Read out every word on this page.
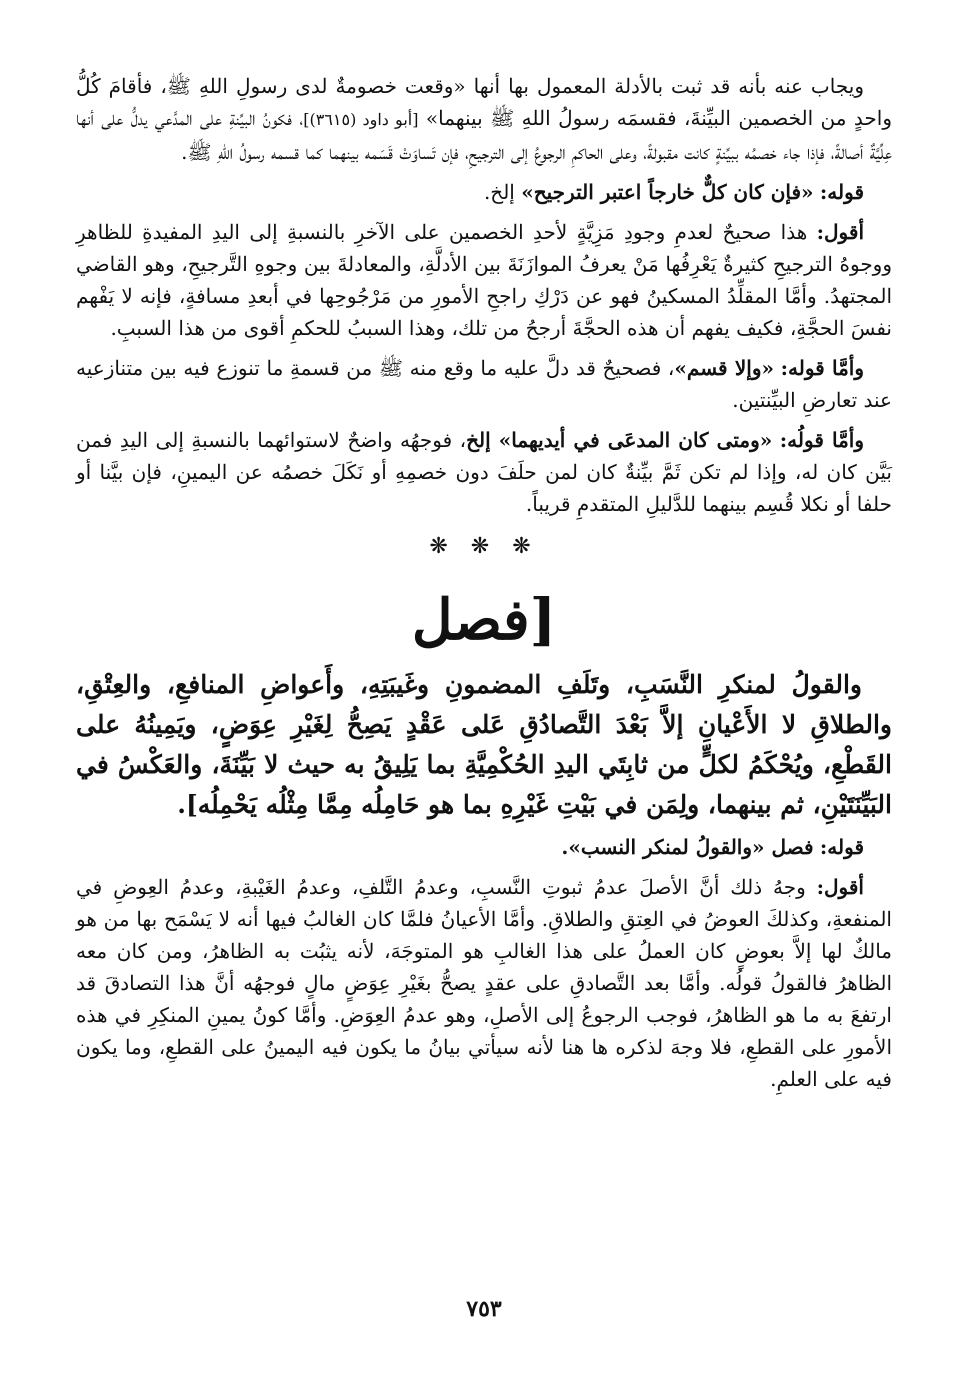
ويجاب عنه بأنه قد ثبت بالأدلة المعمول بها أنها «وقعت خصومةٌ لدى رسولِ اللهِ ﷺ، فأقامَ كُلُّ واحدٍ من الخصمين البيِّنةَ، فقسمَه رسولُ اللهِ ﷺ بينهما» [أبو داود (٣٦١٥)]، فكونُ البيِّنةِ على المدَّعي يدلُّ على أنها عِلِّيَّةٌ أصالةً، فإذا جاء خصمُه ببيِّنةٍ كانت مقبولةً، وعلى الحاكمِ الرجوعُ إلى الترجيحِ، فإن تَساوَتْ قَسَمه بينهما كما قسمه رسولُ اللهِ ﷺ.

قوله: «فإن كان كلٌّ خارجاً اعتبر الترجيح» إلخ.

أقول: هذا صحيحٌ لعدمِ وجودِ مَزِيَّةٍ لأحدِ الخصمين على الآخرِ بالنسبةِ إلى اليدِ المفيدةِ للظاهرِ ووجوهُ الترجيحِ كثيرةٌ يَعْرِفُها مَنْ يعرفُ الموازَنَةَ بين الأدلَّةِ، والمعادلةَ بين وجوهِ التَّرجيحِ، وهو القاضي المجتهدُ. وأمَّا المقلِّدُ المسكينُ فهو عن دَرْكِ راجحِ الأمورِ من مَرْجُوحِها في أبعدِ مسافةٍ، فإنه لا يَفْهم نفسَ الحجَّةِ، فكيف يفهم أن هذه الحجَّةَ أرجحُ من تلك، وهذا السببُ للحكمِ أقوى من هذا السببِ.

وأمَّا قوله: «وإلا قسم»، فصحيحٌ قد دلَّ عليه ما وقع منه ﷺ من قسمةِ ما تنوزع فيه بين متنازعيه عند تعارضِ البيِّنتين.

وأمَّا قولُه: «ومتى كان المدعَى في أيديهما» إلخ، فوجهُه واضحٌ لاستوائهما بالنسبةِ إلى اليدِ فمن بَيَّن كان له، وإذا لم تكن ثَمَّ بيِّنةٌ كان لمن حلَفَ دون خصمِهِ أو نَكَلَ خصمُه عن اليمينِ، فإن بيَّنا أو حلفا أو نكلا قُسِم بينهما للدَّليلِ المتقدمِ قريباً.

❋ ❋ ❋
[فصل

والقولُ لمنكرِ النَّسَبِ، وتَلَفِ المضمونِ وغَيبَتِهِ، وأَعواضِ المنافعِ، والعِتْقِ، والطلاقِ لا الأَعْيانِ إلاَّ بَعْدَ التَّصادُقِ عَلى عَقْدٍ يَصِحُّ لِغَيْرِ عِوَضٍ، ويَمِينُهُ على القَطْعِ، ويُحْكَمُ لكلٍّ من ثابِتَي اليدِ الحُكْمِيَّةِ بما يَلِيقُ به حيث لا بَيِّنَةَ، والعَكْسُ في البَيِّنَتَيْنِ، ثم بينهما، ولِمَن في بَيْتِ غَيْرِهِ بما هو حَامِلُه مِمَّا مِثْلُه يَحْمِلُه].

قوله: فصل «والقولُ لمنكر النسب».

أقول: وجهُ ذلك أنَّ الأصلَ عدمُ ثبوتِ النَّسبِ، وعدمُ التَّلفِ، وعدمُ الغَيْبةِ، وعدمُ العِوضِ في المنفعةِ، وكذلكَ العوضُ في العِتقِ والطلاقِ. وأمَّا الأعيانُ فلمَّا كان الغالبُ فيها أنه لا يَسْمَح بها من هو مالكٌ لها إلاَّ بعوضٍ كان العملُ على هذا الغالبِ هو المتوجَهَ، لأنه يثبُت به الظاهرُ، ومن كان معه الظاهرُ فالقولُ قولُه. وأمَّا بعد التَّصادقِ على عقدٍ يصحُّ بغَيْرِ عِوَضٍ مالٍ فوجهُه أنَّ هذا التصادقَ قد ارتفعَ به ما هو الظاهرُ، فوجب الرجوعُ إلى الأصلِ، وهو عدمُ العِوَضِ. وأمَّا كونُ يمينِ المنكِرِ في هذه الأمورِ على القطعِ، فلا وجهَ لذكره ها هنا لأنه سيأتي بيانُ ما يكون فيه اليمينُ على القطعِ، وما يكون فيه على العلمِ.

٧٥٣
